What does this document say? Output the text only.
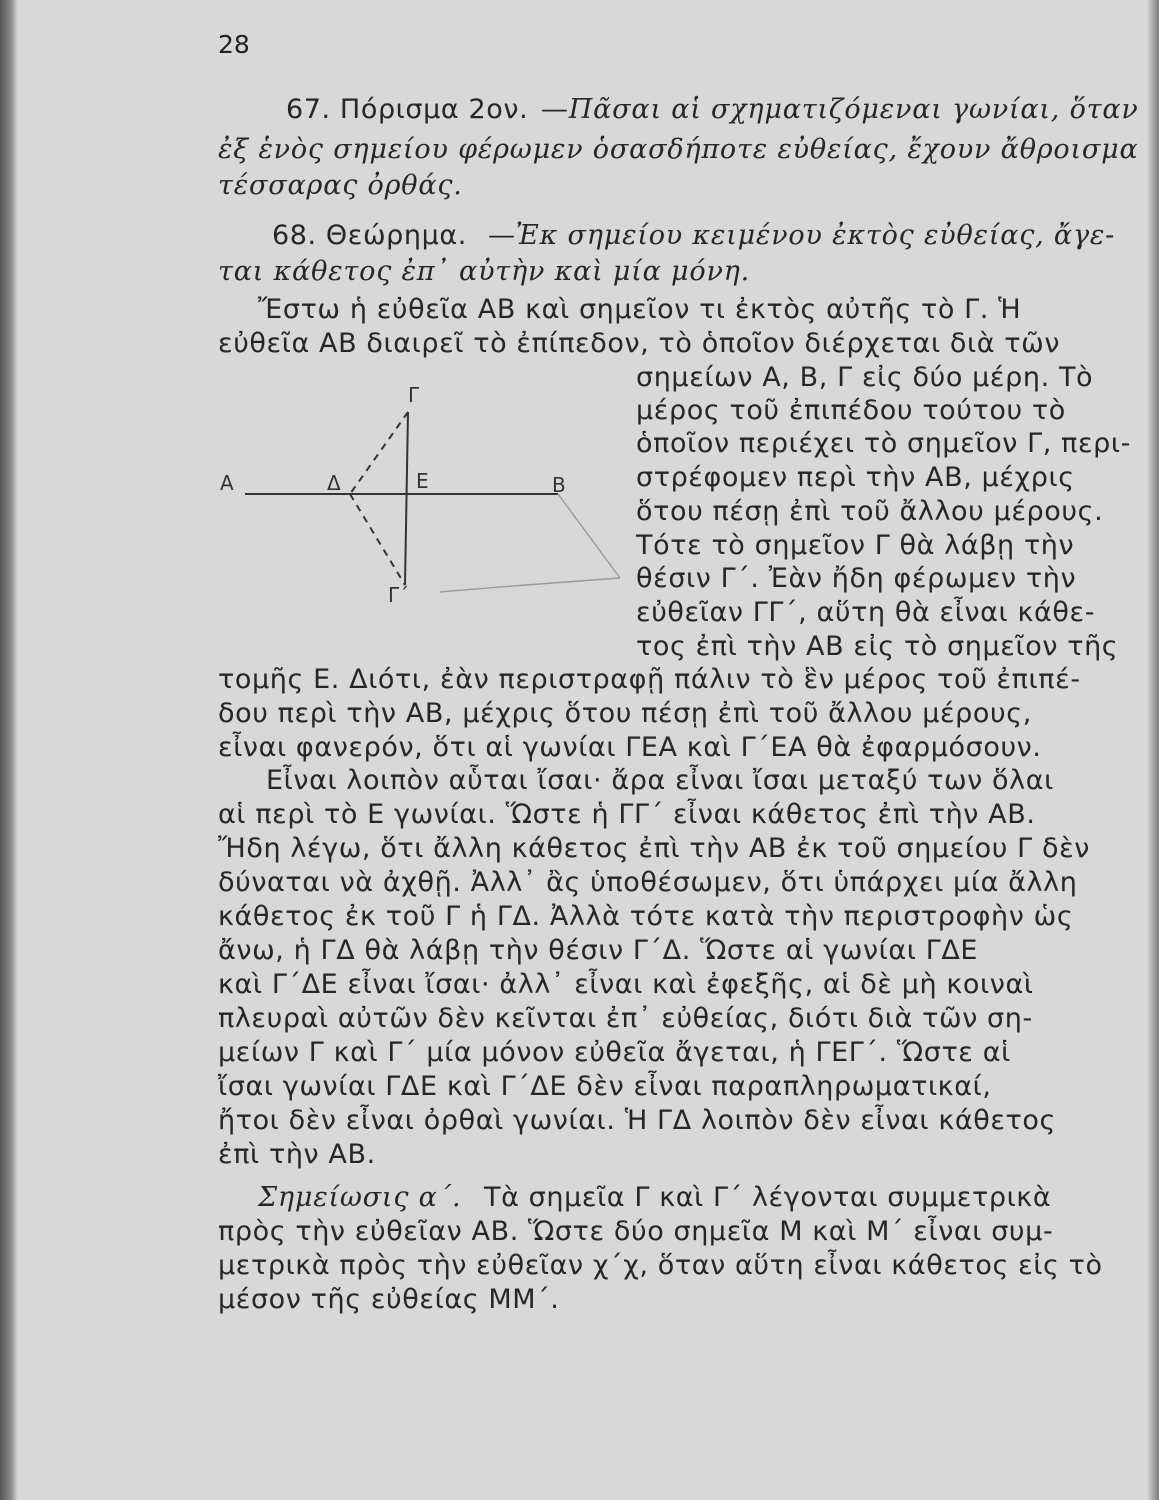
28
67. Πόρισμα 2ον. —Πᾶσαι αἱ σχηματιζόμεναι γωνίαι, ὅταν
ἐξ ἑνὸς σημείου φέρωμεν ὁσασδήποτε εὐθείας, ἔχουν ἄθροισμα
τέσσαρας ὀρθάς.
68. Θεώρημα. —Ἐκ σημείου κειμένου ἐκτὸς εὐθείας, ἄγε-
ται κάθετος ἐπ᾽ αὐτὴν καὶ μία μόνη.
Ἔστω ἡ εὐθεῖα ΑΒ καὶ σημεῖον τι ἐκτὸς αὐτῆς τὸ Γ. Ἡ
εὐθεῖα ΑΒ διαιρεῖ τὸ ἐπίπεδον, τὸ ὁποῖον διέρχεται διὰ τῶν
σημείων Α, Β, Γ εἰς δύο μέρη. Τὸ
μέρος τοῦ ἐπιπέδου τούτου τὸ
ὁποῖον περιέχει τὸ σημεῖον Γ, περι-
στρέφομεν περὶ τὴν ΑΒ, μέχρις
ὅτου πέσῃ ἐπὶ τοῦ ἄλλου μέρους.
Τότε τὸ σημεῖον Γ θὰ λάβῃ τὴν
θέσιν Γ΄. Ἐὰν ἤδη φέρωμεν τὴν
εὐθεῖαν ΓΓ΄, αὕτη θὰ εἶναι κάθε-
τος ἐπὶ τὴν ΑΒ εἰς τὸ σημεῖον τῆς
τομῆς Ε. Διότι, ἐὰν περιστραφῇ πάλιν τὸ ἓν μέρος τοῦ ἐπιπέ-
δου περὶ τὴν ΑΒ, μέχρις ὅτου πέσῃ ἐπὶ τοῦ ἄλλου μέρους,
εἶναι φανερόν, ὅτι αἱ γωνίαι ΓΕΑ καὶ Γ΄ΕΑ θὰ ἐφαρμόσουν.
Εἶναι λοιπὸν αὗται ἴσαι· ἄρα εἶναι ἴσαι μεταξύ των ὅλαι
αἱ περὶ τὸ Ε γωνίαι. Ὥστε ἡ ΓΓ΄ εἶναι κάθετος ἐπὶ τὴν ΑΒ.
Ἤδη λέγω, ὅτι ἄλλη κάθετος ἐπὶ τὴν ΑΒ ἐκ τοῦ σημείου Γ δὲν
δύναται νὰ ἀχθῇ. Ἀλλ᾽ ἂς ὑποθέσωμεν, ὅτι ὑπάρχει μία ἄλλη
κάθετος ἐκ τοῦ Γ ἡ ΓΔ. Ἀλλὰ τότε κατὰ τὴν περιστροφὴν ὡς
ἄνω, ἡ ΓΔ θὰ λάβῃ τὴν θέσιν Γ΄Δ. Ὥστε αἱ γωνίαι ΓΔΕ
καὶ Γ΄ΔΕ εἶναι ἴσαι· ἀλλ᾽ εἶναι καὶ ἐφεξῆς, αἱ δὲ μὴ κοιναὶ
πλευραὶ αὐτῶν δὲν κεῖνται ἐπ᾽ εὐθείας, διότι διὰ τῶν ση-
μείων Γ καὶ Γ΄ μία μόνον εὐθεῖα ἄγεται, ἡ ΓΕΓ΄. Ὥστε αἱ
ἴσαι γωνίαι ΓΔΕ καὶ Γ΄ΔΕ δὲν εἶναι παραπληρωματικαί,
ἤτοι δὲν εἶναι ὀρθαὶ γωνίαι. Ἡ ΓΔ λοιπὸν δὲν εἶναι κάθετος
ἐπὶ τὴν ΑΒ.
Σημείωσις α΄. Τὰ σημεῖα Γ καὶ Γ΄ λέγονται συμμετρικὰ
πρὸς τὴν εὐθεῖαν ΑΒ. Ὥστε δύο σημεῖα Μ καὶ Μ΄ εἶναι συμ-
μετρικὰ πρὸς τὴν εὐθεῖαν χ΄χ, ὅταν αὕτη εἶναι κάθετος εἰς τὸ
μέσον τῆς εὐθείας ΜΜ΄.
Γ
Α	Δ	Ε	Β
Γ΄
